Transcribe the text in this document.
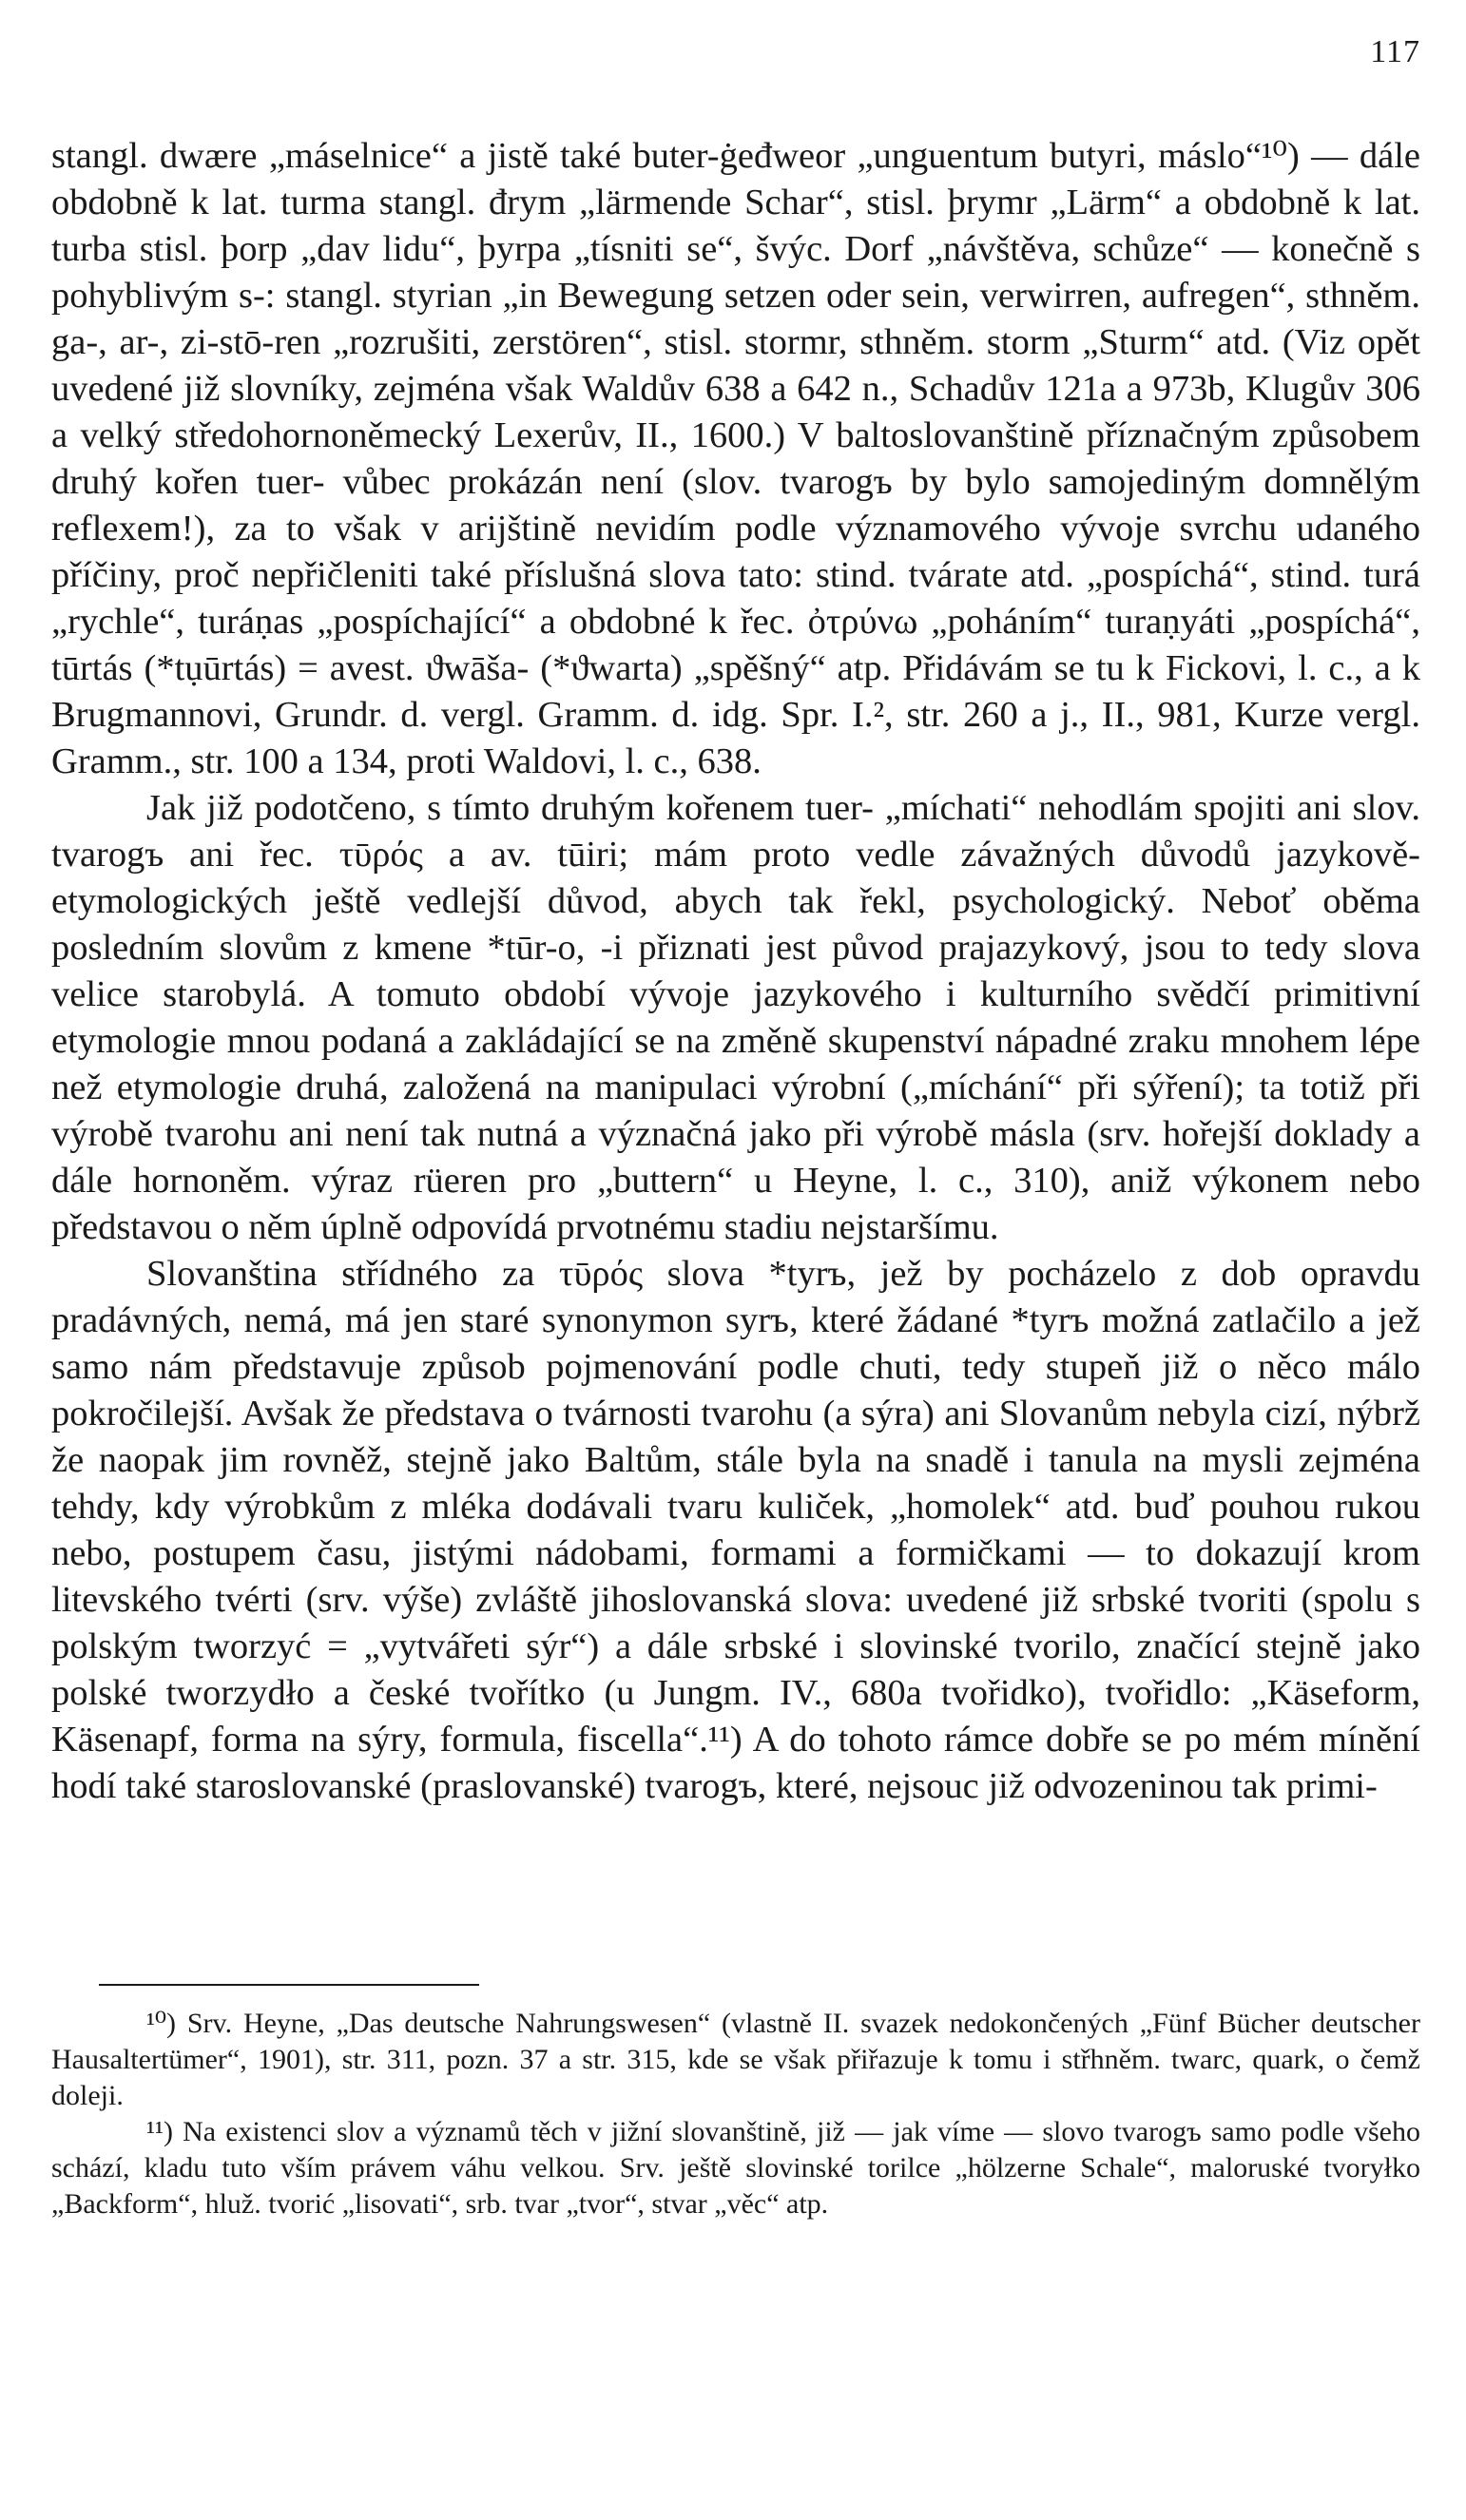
117

stangl. dwære „máselnice“ a jistě také buter-ġeđweor „unguentum butyri, máslo“¹⁰) — dále obdobně k lat. turma stangl. đrym „lärmende Schar“, stisl. þrymr „Lärm“ a obdobně k lat. turba stisl. þorp „dav lidu“, þyrpa „tísniti se“, švýc. Dorf „návštěva, schůze“ — konečně s pohyblivým s-: stangl. styrian „in Bewegung setzen oder sein, verwirren, aufregen“, sthněm. ga-, ar-, zi-stō-ren „rozrušiti, zerstören“, stisl. stormr, sthněm. storm „Sturm“ atd. (Viz opět uvedené již slovníky, zejména však Waldův 638 a 642 n., Schadův 121a a 973b, Klugův 306 a velký středohornoněmecký Lexerův, II., 1600.) V baltoslovanštině příznačným způsobem druhý kořen tuer- vůbec prokázán není (slov. tvarogъ by bylo samojediným domnělým reflexem!), za to však v arijštině nevidím podle významového vývoje svrchu udaného příčiny, proč nepřičleniti také příslušná slova tato: stind. tvárate atd. „pospíchá“, stind. turá „rychle“, turáṇas „pospíchající“ a obdobné k řec. ὀτρύνω „poháním“ turaṇyáti „pospíchá“, tūrtás (*tụūrtás) = avest. ϑwāša- (*ϑwarta) „spěšný“ atp. Přidávám se tu k Fickovi, l. c., a k Brugmannovi, Grundr. d. vergl. Gramm. d. idg. Spr. I.², str. 260 a j., II., 981, Kurze vergl. Gramm., str. 100 a 134, proti Waldovi, l. c., 638.

Jak již podotčeno, s tímto druhým kořenem tuer- „míchati“ nehodlám spojiti ani slov. tvarogъ ani řec. τῡρός a av. tūiri; mám proto vedle závažných důvodů jazykově-etymologických ještě vedlejší důvod, abych tak řekl, psychologický. Neboť oběma posledním slovům z kmene *tūr-o, -i přiznati jest původ prajazykový, jsou to tedy slova velice starobylá. A tomuto období vývoje jazykového i kulturního svědčí primitivní etymologie mnou podaná a zakládající se na změně skupenství nápadné zraku mnohem lépe než etymologie druhá, založená na manipulaci výrobní („míchání“ při sýření); ta totiž při výrobě tvarohu ani není tak nutná a význačná jako při výrobě másla (srv. hořejší doklady a dále hornoněm. výraz rüeren pro „buttern“ u Heyne, l. c., 310), aniž výkonem nebo představou o něm úplně odpovídá prvotnému stadiu nejstaršímu.

Slovanština střídného za τῡρός slova *tyrъ, jež by pocházelo z dob opravdu pradávných, nemá, má jen staré synonymon syrъ, které žádané *tyrъ možná zatlačilo a jež samo nám představuje způsob pojmenování podle chuti, tedy stupeň již o něco málo pokročilejší. Avšak že představa o tvárnosti tvarohu (a sýra) ani Slovanům nebyla cizí, nýbrž že naopak jim rovněž, stejně jako Baltům, stále byla na snadě i tanula na mysli zejména tehdy, kdy výrobkům z mléka dodávali tvaru kuliček, „homolek“ atd. buď pouhou rukou nebo, postupem času, jistými nádobami, formami a formičkami — to dokazují krom litevského tvérti (srv. výše) zvláště jihoslovanská slova: uvedené již srbské tvoriti (spolu s polským tworzyć = „vytvářeti sýr“) a dále srbské i slovinské tvorilo, značící stejně jako polské tworzydło a české tvořítko (u Jungm. IV., 680a tvořidko), tvořidlo: „Käseform, Käsenapf, forma na sýry, formula, fiscella“.¹¹) A do tohoto rámce dobře se po mém mínění hodí také staroslovanské (praslovanské) tvarogъ, které, nejsouc již odvozeninou tak primi-

¹⁰) Srv. Heyne, „Das deutsche Nahrungswesen“ (vlastně II. svazek nedokončených „Fünf Bücher deutscher Hausaltertümer“, 1901), str. 311, pozn. 37 a str. 315, kde se však přiřazuje k tomu i střhněm. twarc, quark, o čemž doleji.

¹¹) Na existenci slov a významů těch v jižní slovanštině, již — jak víme — slovo tvarogъ samo podle všeho schází, kladu tuto vším právem váhu velkou. Srv. ještě slovinské torilce „hölzerne Schale“, maloruské tvoryłko „Backform“, hluž. tvorić „lisovati“, srb. tvar „tvor“, stvar „věc“ atp.
